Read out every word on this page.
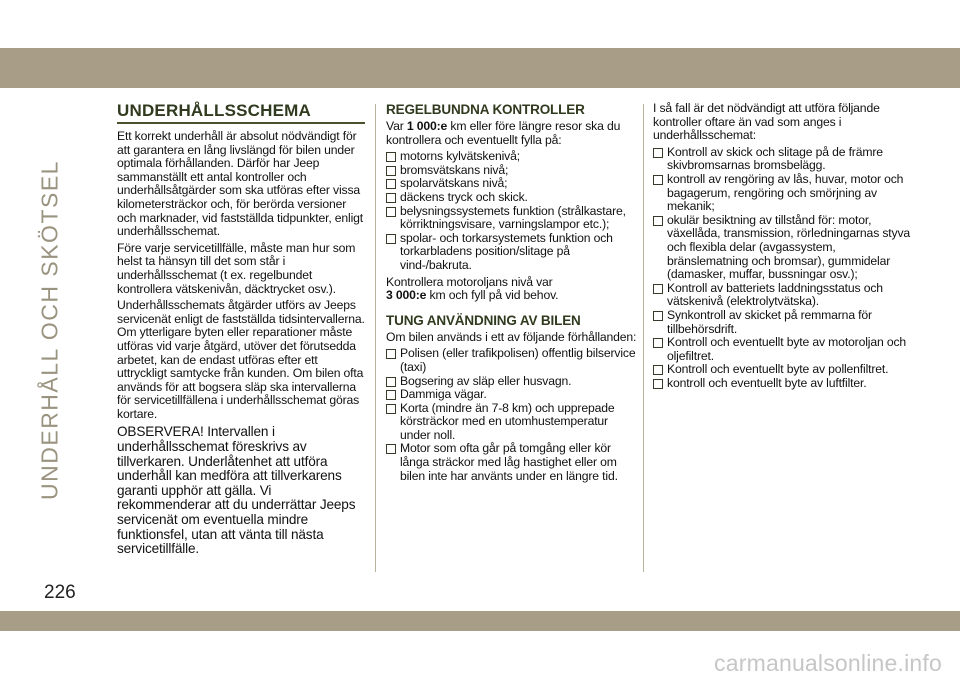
UNDERHÅLL OCH SKÖTSEL
UNDERHÅLLSSCHEMA

Ett korrekt underhåll är absolut nödvändigt för att garantera en lång livslängd för bilen under optimala förhållanden. Därför har Jeep sammanställt ett antal kontroller och underhållsåtgärder som ska utföras efter vissa kilometersträckor och, för berörda versioner och marknader, vid fastställda tidpunkter, enligt underhållsschemat.

Före varje servicetillfälle, måste man hur som helst ta hänsyn till det som står i underhållsschemat (t ex. regelbundet kontrollera vätskenivån, däcktrycket osv.).

Underhållsschemats åtgärder utförs av Jeeps servicenät enligt de fastställda tidsintervallerna. Om ytterligare byten eller reparationer måste utföras vid varje åtgärd, utöver det förutsedda arbetet, kan de endast utföras efter ett uttryckligt samtycke från kunden. Om bilen ofta används för att bogsera släp ska intervallerna för servicetillfällena i underhållsschemat göras kortare.

OBSERVERA! Intervallen i underhållsschemat föreskrivs av tillverkaren. Underlåtenhet att utföra underhåll kan medföra att tillverkarens garanti upphör att gälla. Vi rekommenderar att du underrättar Jeeps servicenät om eventuella mindre funktionsfel, utan att vänta till nästa servicetillfälle.

REGELBUNDNA KONTROLLER

Var 1 000:e km eller före längre resor ska du kontrollera och eventuellt fylla på:

motorns kylvätskenivå;
bromsvätskans nivå;
spolarvätskans nivå;
däckens tryck och skick.
belysningssystemets funktion (strålkastare, körriktningsvisare, varningslampor etc.);
spolar- och torkarsystemets funktion och torkarbladens position/slitage på vind-/bakruta.

Kontrollera motoroljans nivå var
3 000:e km och fyll på vid behov.

TUNG ANVÄNDNING AV BILEN

Om bilen används i ett av följande förhållanden:

Polisen (eller trafikpolisen) offentlig bilservice (taxi)
Bogsering av släp eller husvagn.
Dammiga vägar.
Korta (mindre än 7-8 km) och upprepade körsträckor med en utomhustemperatur under noll.
Motor som ofta går på tomgång eller kör långa sträckor med låg hastighet eller om bilen inte har använts under en längre tid.

I så fall är det nödvändigt att utföra följande kontroller oftare än vad som anges i underhållsschemat:

Kontroll av skick och slitage på de främre skivbromsarnas bromsbelägg.
kontroll av rengöring av lås, huvar, motor och bagagerum, rengöring och smörjning av mekanik;
okulär besiktning av tillstånd för: motor, växellåda, transmission, rörledningarnas styva och flexibla delar (avgassystem, bränslematning och bromsar), gummidelar (damasker, muffar, bussningar osv.);
Kontroll av batteriets laddningsstatus och vätskenivå (elektrolytvätska).
Synkontroll av skicket på remmarna för tillbehörsdrift.
Kontroll och eventuellt byte av motoroljan och oljefiltret.
Kontroll och eventuellt byte av pollenfiltret.
kontroll och eventuellt byte av luftfilter.
226
carmanualsonline.info
